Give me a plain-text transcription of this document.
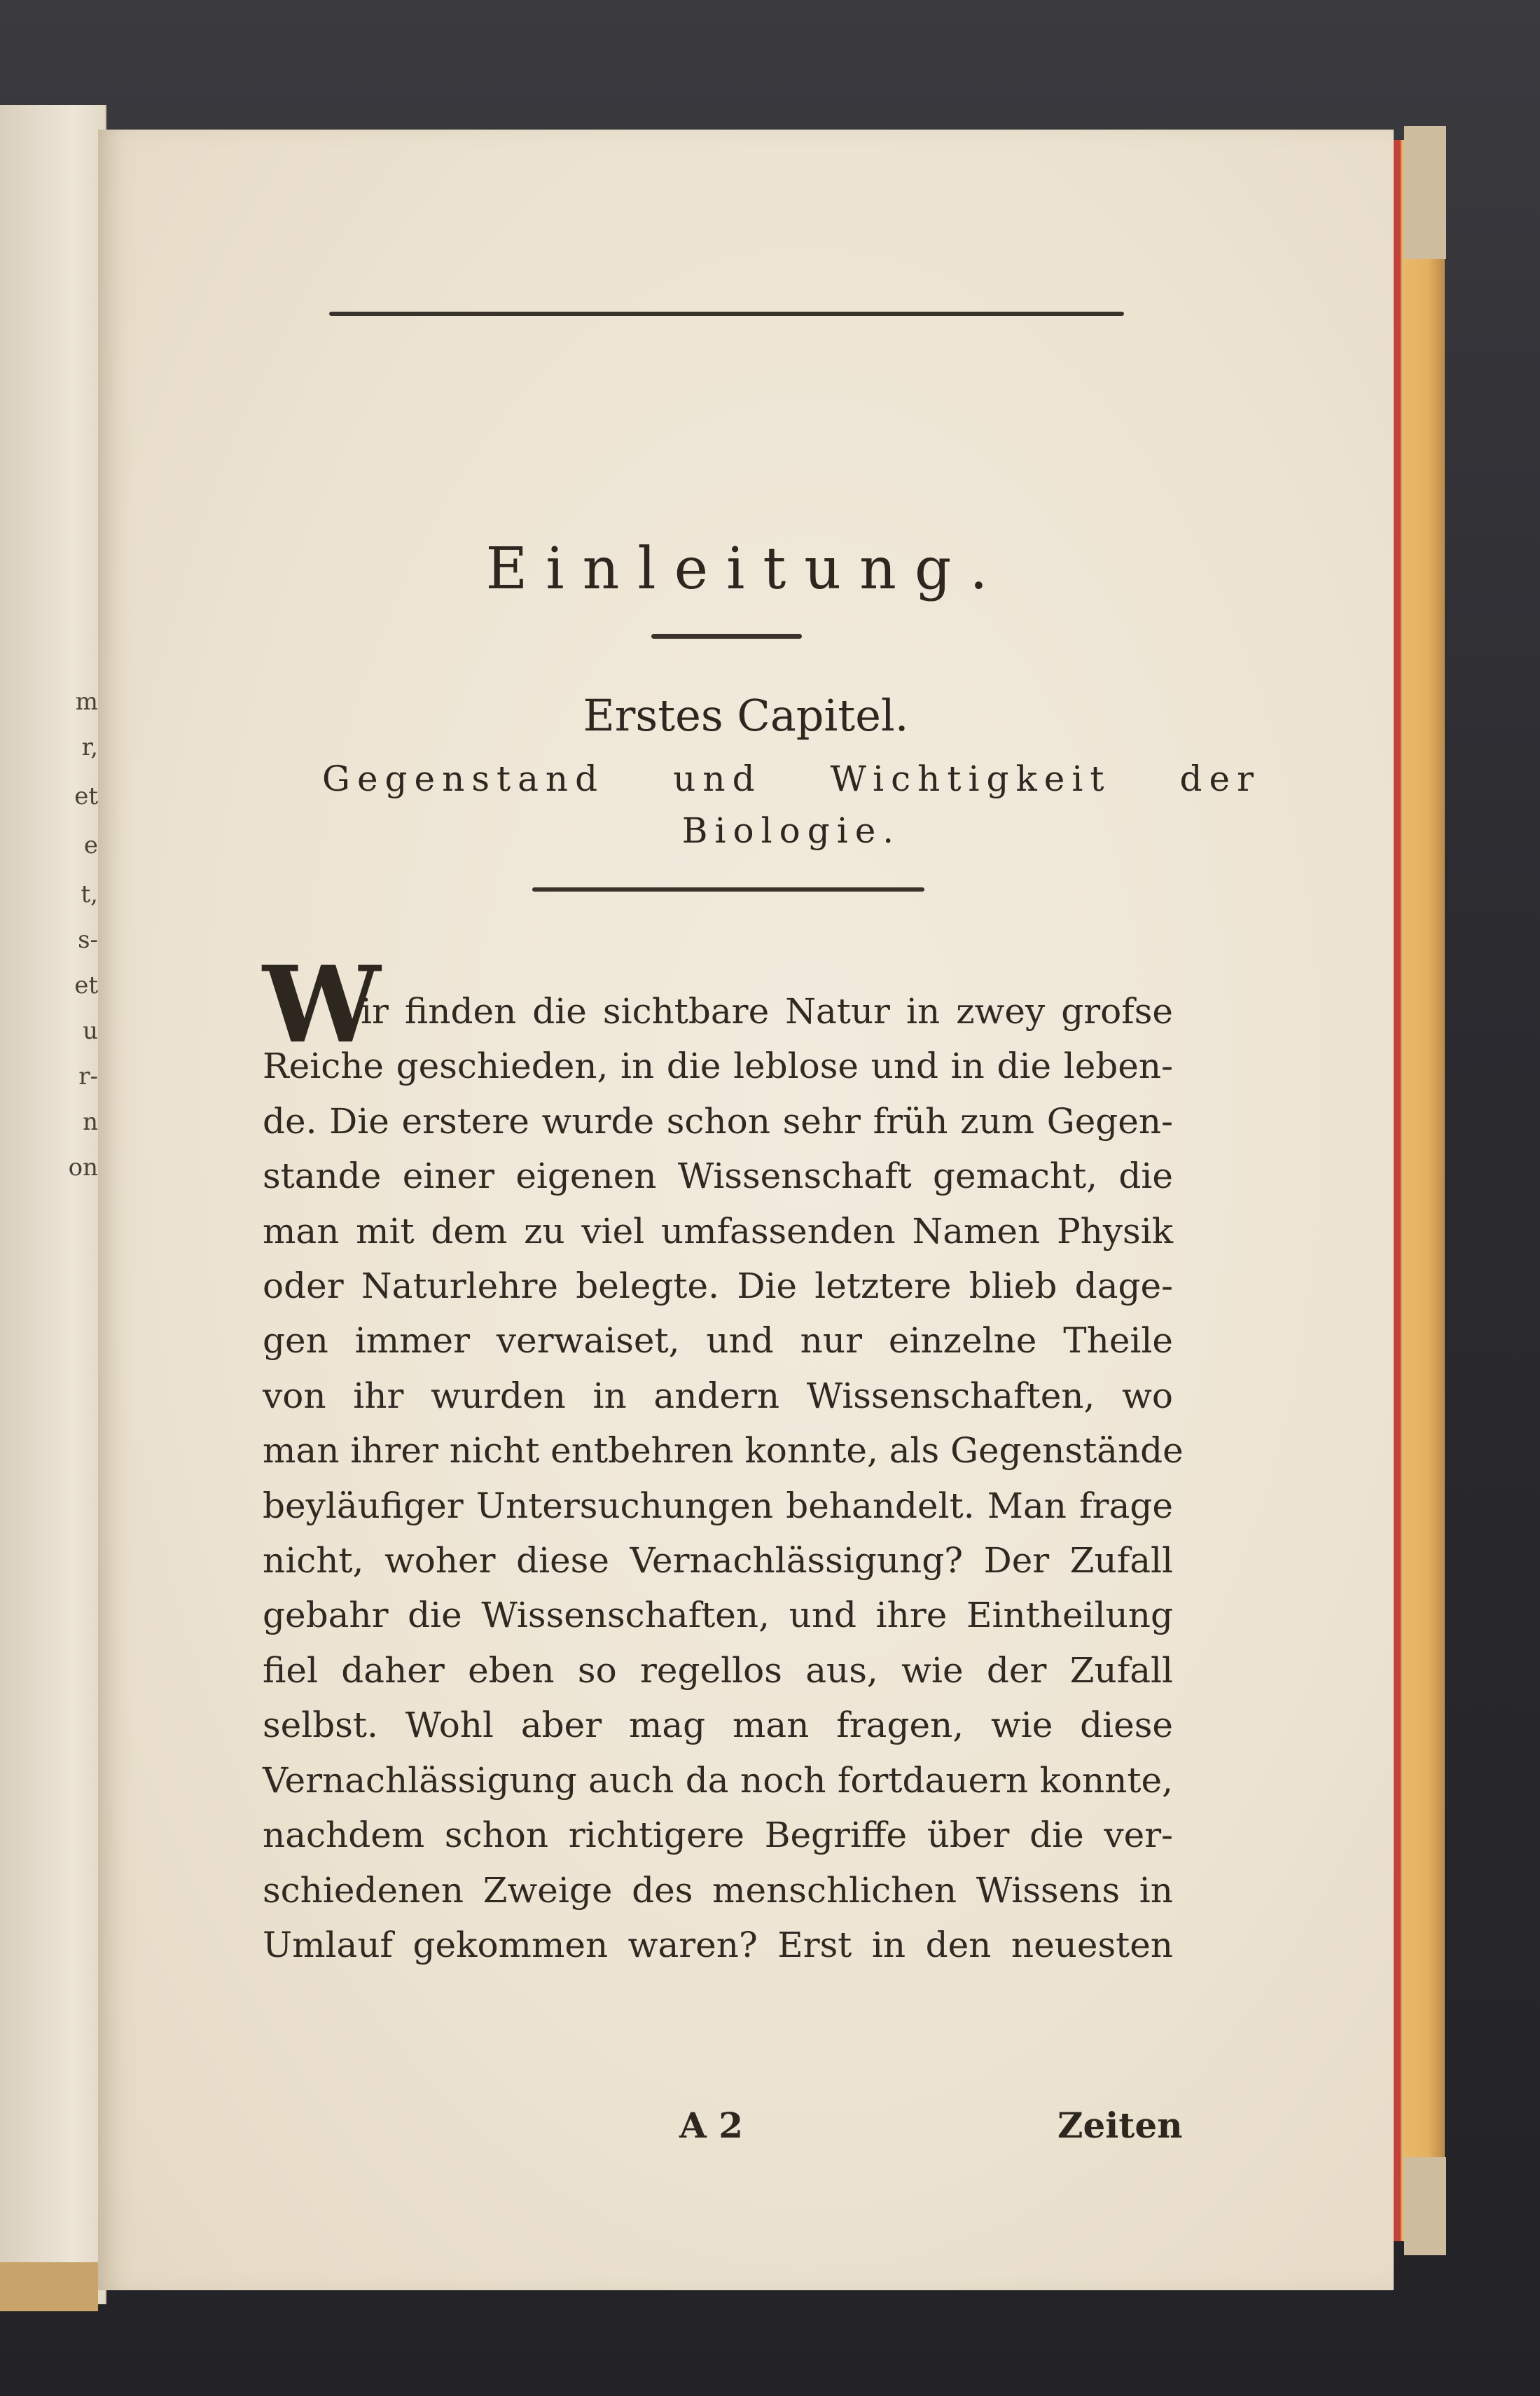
m
r,
et
e
t,
s-
et
u
r-
n
on
Einleitung.
Erstes Capitel.
Gegenstand und Wichtigkeit der
Biologie.
W
ir finden die sichtbare Natur in zwey grofse
Reiche geschieden, in die leblose und in die leben-
de. Die erstere wurde schon sehr früh zum Gegen-
stande einer eigenen Wissenschaft gemacht, die
man mit dem zu viel umfassenden Namen Physik
oder Naturlehre belegte. Die letztere blieb dage-
gen immer verwaiset, und nur einzelne Theile
von ihr wurden in andern Wissenschaften, wo
man ihrer nicht entbehren konnte, als Gegenstände
beyläufiger Untersuchungen behandelt. Man frage
nicht, woher diese Vernachlässigung? Der Zufall
gebahr die Wissenschaften, und ihre Eintheilung
fiel daher eben so regellos aus, wie der Zufall
selbst. Wohl aber mag man fragen, wie diese
Vernachlässigung auch da noch fortdauern konnte,
nachdem schon richtigere Begriffe über die ver-
schiedenen Zweige des menschlichen Wissens in
Umlauf gekommen waren? Erst in den neuesten
A 2	Zeiten
